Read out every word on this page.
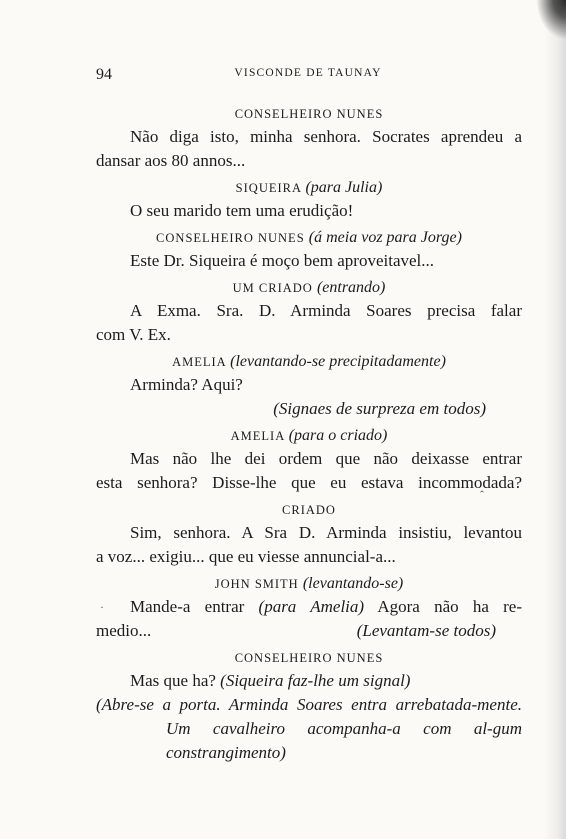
·
ˆ
94	VISCONDE DE TAUNAY

CONSELHEIRO NUNES

Não diga isto, minha senhora. Socrates aprendeu a

dansar aos 80 annos...

SIQUEIRA (para Julia)

O seu marido tem uma erudição!

CONSELHEIRO NUNES (á meia voz para Jorge)

Este Dr. Siqueira é moço bem aproveitavel...

UM CRIADO (entrando)

A Exma. Sra. D. Arminda Soares precisa falar

com V. Ex.

AMELIA (levantando-se precipitadamente)

Arminda? Aqui?

(Signaes de surpreza em todos)

AMELIA (para o criado)

Mas não lhe dei ordem que não deixasse entrar

esta senhora? Disse-lhe que eu estava incommodada?

CRIADO

Sim, senhora. A Sra D. Arminda insistiu, levantou

a voz... exigiu... que eu viesse annuncial-a...

JOHN SMITH (levantando-se)

Mande-a entrar (para Amelia) Agora não ha re-

medio...	(Levantam-se todos)

CONSELHEIRO NUNES

Mas que ha? (Siqueira faz-lhe um signal)

(Abre-se a porta. Arminda Soares entra arrebatada-mente. Um cavalheiro acompanha-a com al-gum constrangimento)
